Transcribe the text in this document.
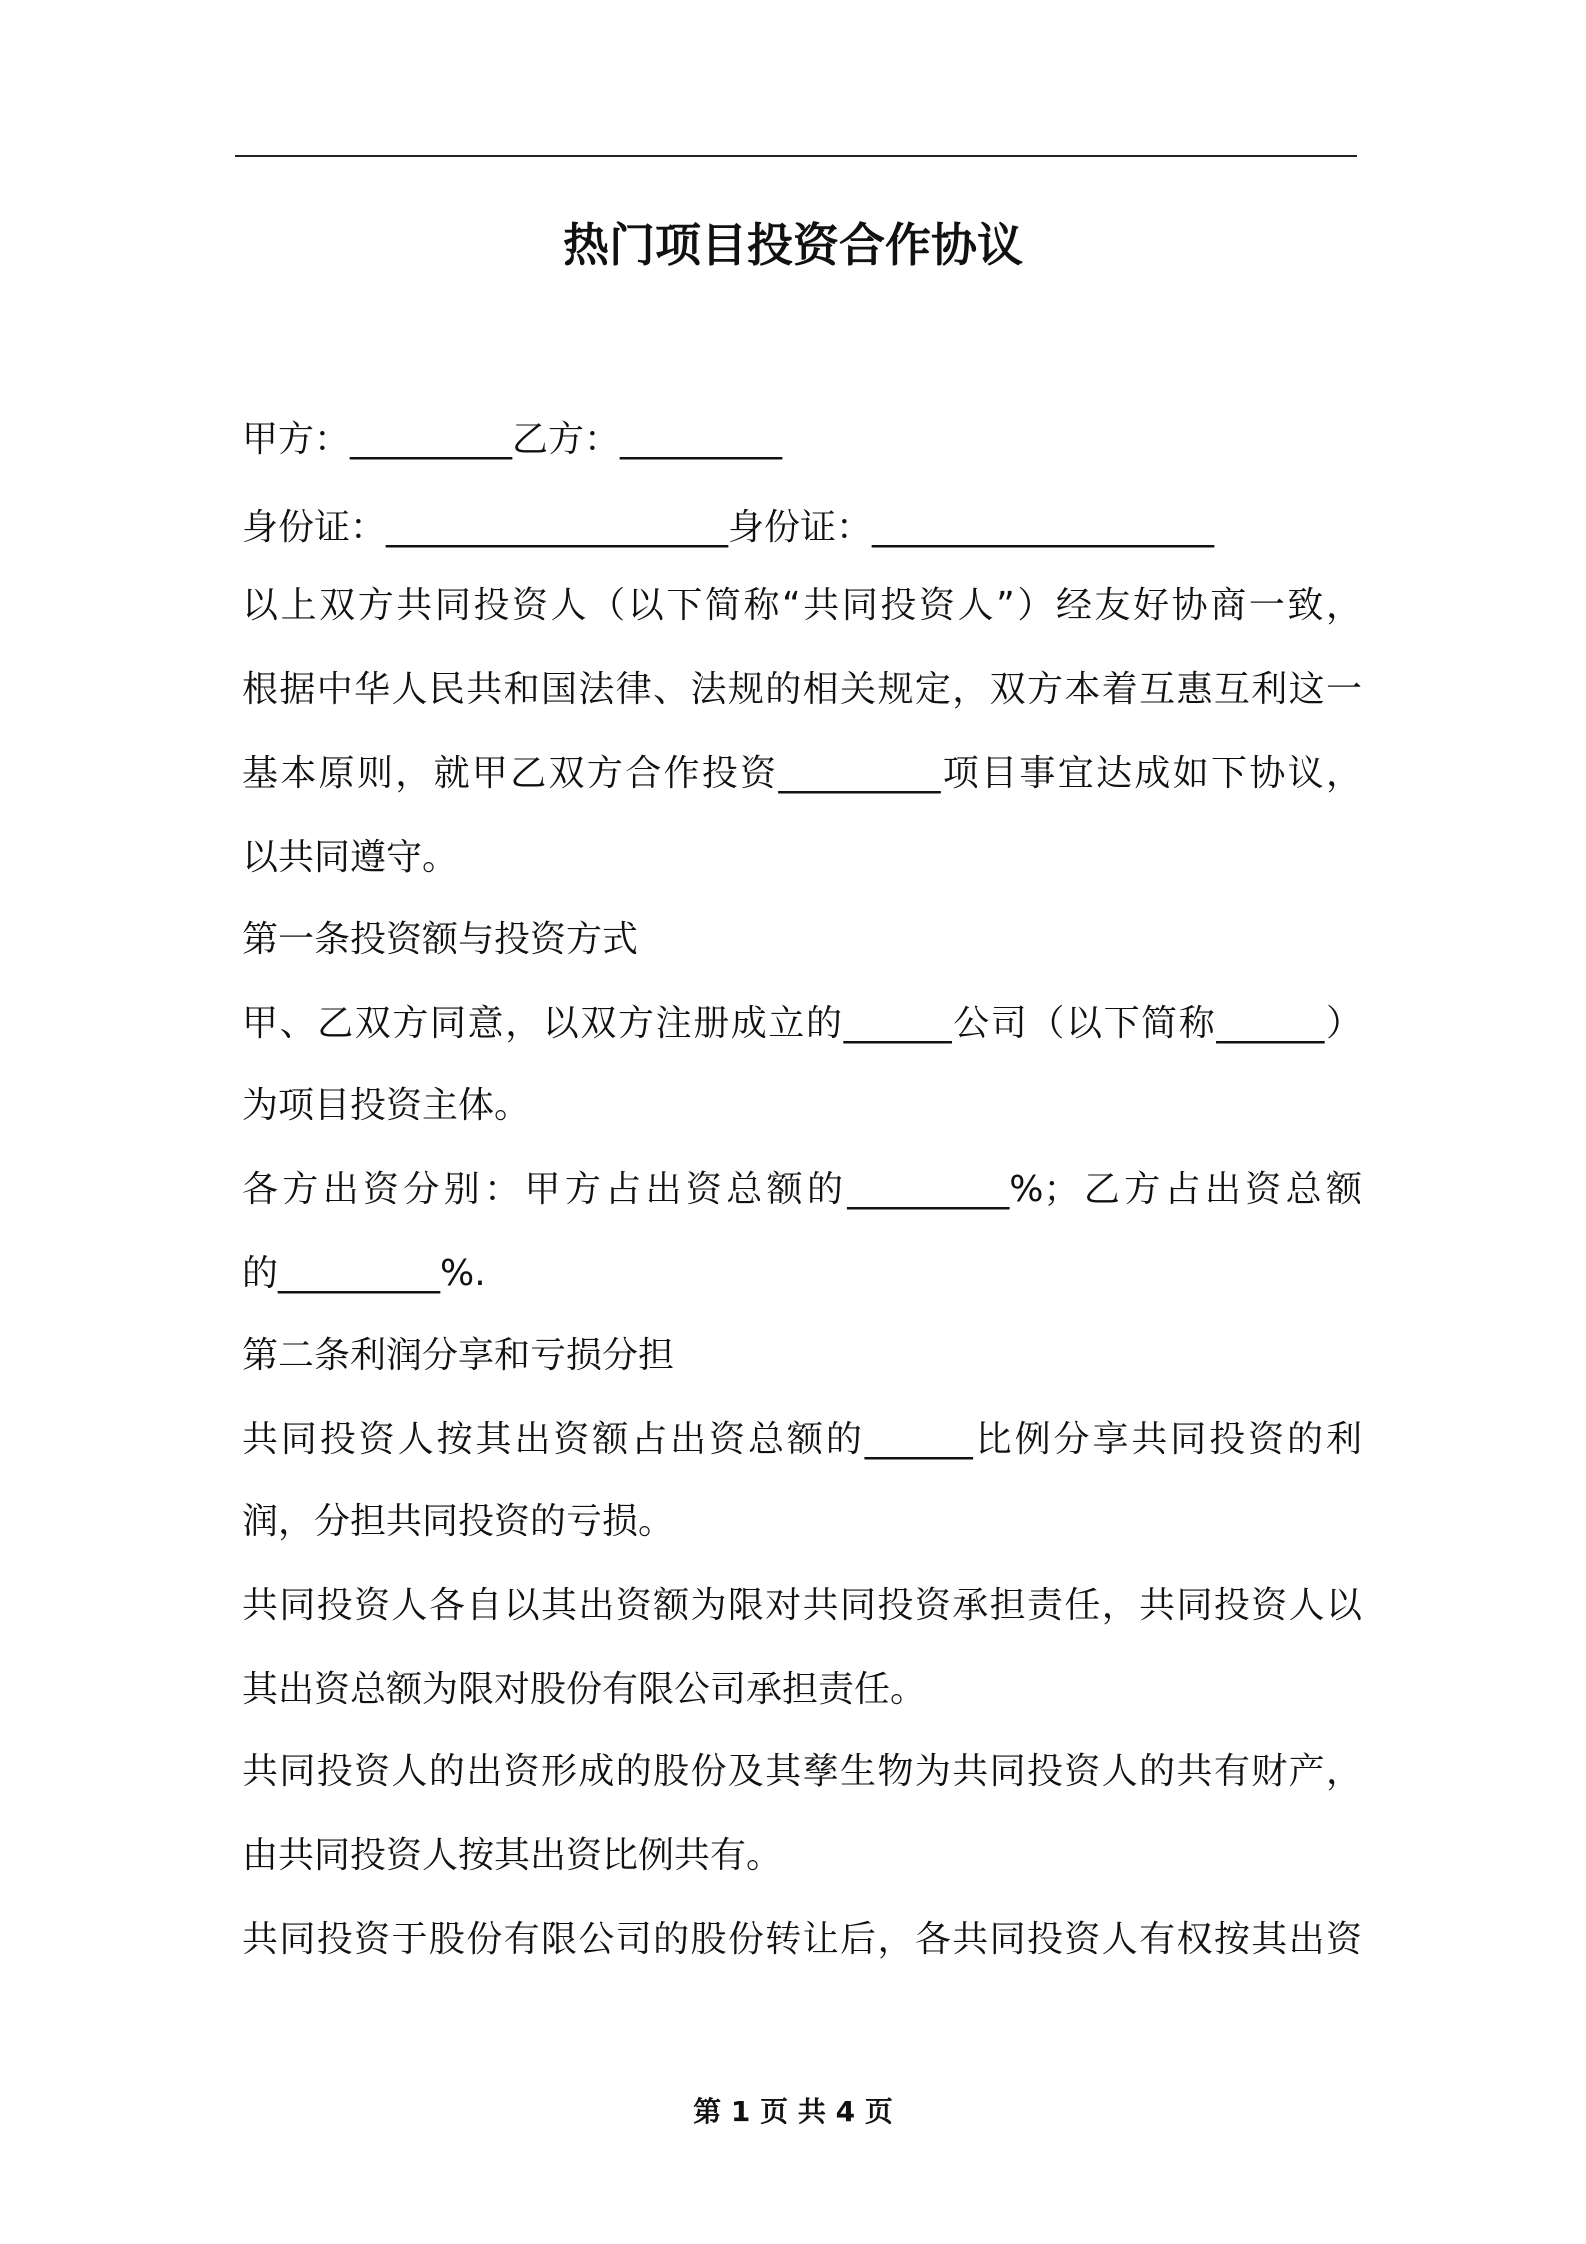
热门项目投资合作协议
甲方：_________乙方：_________
身份证：___________________身份证：___________________
以上双方共同投资人（以下简称“共同投资人”）经友好协商一致，
根据中华人民共和国法律、法规的相关规定，双方本着互惠互利这一
基本原则，就甲乙双方合作投资_________项目事宜达成如下协议，
以共同遵守。
第一条投资额与投资方式
甲、乙双方同意，以双方注册成立的______公司（以下简称______）
为项目投资主体。
各方出资分别：甲方占出资总额的_________%；乙方占出资总额
的_________%.
第二条利润分享和亏损分担
共同投资人按其出资额占出资总额的______比例分享共同投资的利
润，分担共同投资的亏损。
共同投资人各自以其出资额为限对共同投资承担责任，共同投资人以
其出资总额为限对股份有限公司承担责任。
共同投资人的出资形成的股份及其孳生物为共同投资人的共有财产，
由共同投资人按其出资比例共有。
共同投资于股份有限公司的股份转让后，各共同投资人有权按其出资
第 1 页 共 4 页
